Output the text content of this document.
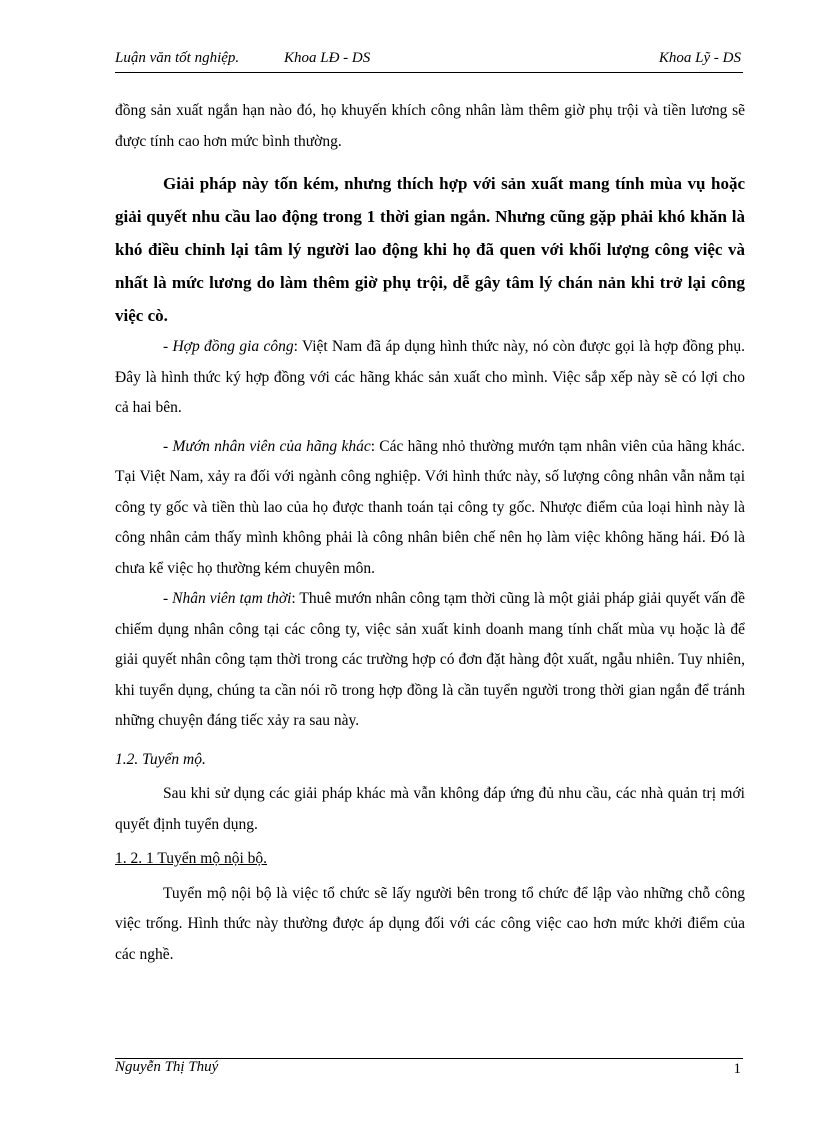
Luận văn tốt nghiệp.	Khoa LĐ - DS	Khoa Lỹ - DS

đồng sản xuất ngắn hạn nào đó, họ khuyến khích công nhân làm thêm giờ phụ trội và tiền lương sẽ được tính cao hơn mức bình thường.

Giải pháp này tốn kém, nhưng thích hợp với sản xuất mang tính mùa vụ hoặc giải quyết nhu cầu lao động trong 1 thời gian ngắn. Nhưng cũng gặp phải khó khăn là khó điều chỉnh lại tâm lý người lao động khi họ đã quen với khối lượng công việc và nhất là mức lương do làm thêm giờ phụ trội, dễ gây tâm lý chán nản khi trở lại công việc cò.

- Hợp đồng gia công: Việt Nam đã áp dụng hình thức này, nó còn được gọi là hợp đồng phụ. Đây là hình thức ký hợp đồng với các hãng khác sản xuất cho mình. Việc sắp xếp này sẽ có lợi cho cả hai bên.

- Mướn nhân viên của hãng khác: Các hãng nhỏ thường mướn tạm nhân viên của hãng khác. Tại Việt Nam, xảy ra đối với ngành công nghiệp. Với hình thức này, số lượng công nhân vẫn nằm tại công ty gốc và tiền thù lao của họ được thanh toán tại công ty gốc. Nhược điểm của loại hình này là công nhân cảm thấy mình không phải là công nhân biên chế nên họ làm việc không hăng hái. Đó là chưa kể việc họ thường kém chuyên môn.

- Nhân viên tạm thời: Thuê mướn nhân công tạm thời cũng là một giải pháp giải quyết vấn đề chiếm dụng nhân công tại các công ty, việc sản xuất kinh doanh mang tính chất mùa vụ hoặc là để giải quyết nhân công tạm thời trong các trường hợp có đơn đặt hàng đột xuất, ngẫu nhiên. Tuy nhiên, khi tuyển dụng, chúng ta cần nói rõ trong hợp đồng là cần tuyển người trong thời gian ngắn để tránh những chuyện đáng tiếc xảy ra sau này.

1.2. Tuyển mộ.

Sau khi sử dụng các giải pháp khác mà vẫn không đáp ứng đủ nhu cầu, các nhà quản trị mới quyết định tuyển dụng.

1. 2. 1 Tuyển mộ nội bộ.

Tuyển mộ nội bộ là việc tổ chức sẽ lấy người bên trong tổ chức để lập vào những chỗ công việc trống. Hình thức này thường được áp dụng đối với các công việc cao hơn mức khởi điểm của các nghề.

Nguyễn Thị Thuý	1
